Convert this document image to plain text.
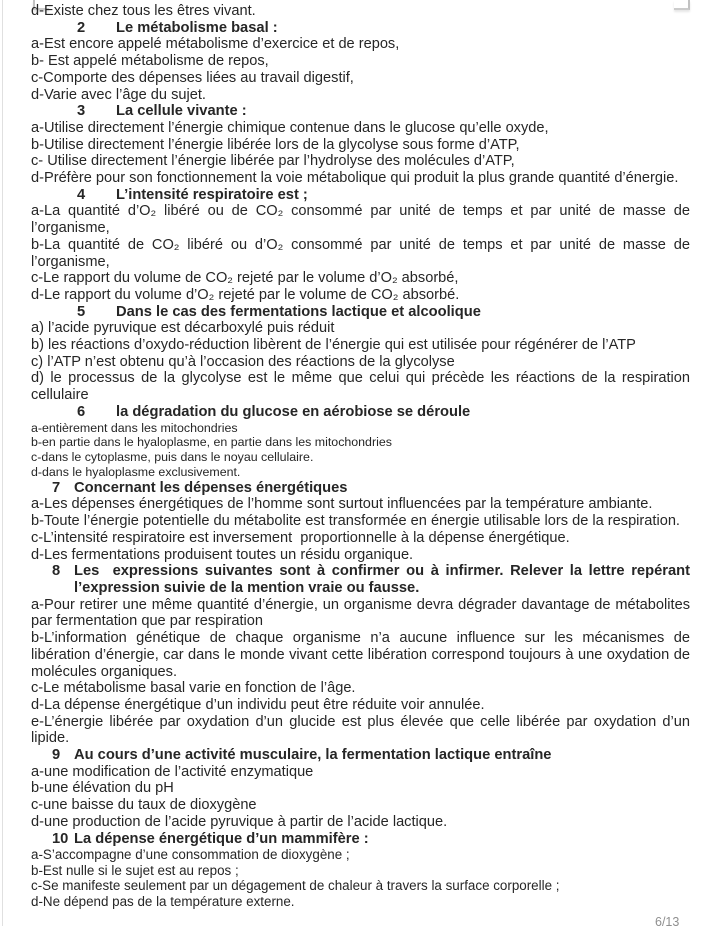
d-Existe chez tous les êtres vivant.
2 Le métabolisme basal :
a-Est encore appelé métabolisme d’exercice et de repos,
b- Est appelé métabolisme de repos,
c-Comporte des dépenses liées au travail digestif,
d-Varie avec l’âge du sujet.
3 La cellule vivante :
a-Utilise directement l’énergie chimique contenue dans le glucose qu’elle oxyde,
b-Utilise directement l’énergie libérée lors de la glycolyse sous forme d’ATP,
c- Utilise directement l’énergie libérée par l’hydrolyse des molécules d’ATP,
d-Préfère pour son fonctionnement la voie métabolique qui produit la plus grande quantité d’énergie.
4 L’intensité respiratoire est ;
a-La quantité d’O₂ libéré ou de CO₂ consommé par unité de temps et par unité de masse de l’organisme,
b-La quantité de CO₂ libéré ou d’O₂ consommé par unité de temps et par unité de masse de l’organisme,
c-Le rapport du volume de CO₂ rejeté par le volume d’O₂ absorbé,
d-Le rapport du volume d’O₂ rejeté par le volume de CO₂ absorbé.
5 Dans le cas des fermentations lactique et alcoolique
a) l’acide pyruvique est décarboxylé puis réduit
b) les réactions d’oxydo-réduction libèrent de l’énergie qui est utilisée pour régénérer de l’ATP
c) l’ATP n’est obtenu qu’à l’occasion des réactions de la glycolyse
d) le processus de la glycolyse est le même que celui qui précède les réactions de la respiration cellulaire
6 la dégradation du glucose en aérobiose se déroule
a-entièrement dans les mitochondries
b-en partie dans le hyaloplasme, en partie dans les mitochondries
c-dans le cytoplasme, puis dans le noyau cellulaire.
d-dans le hyaloplasme exclusivement.
7 Concernant les dépenses énergétiques
a-Les dépenses énergétiques de l’homme sont surtout influencées par la température ambiante.
b-Toute l’énergie potentielle du métabolite est transformée en énergie utilisable lors de la respiration.
c-L’intensité respiratoire est inversement  proportionnelle à la dépense énergétique.
d-Les fermentations produisent toutes un résidu organique.
8 Les  expressions suivantes sont à confirmer ou à infirmer. Relever la lettre repérant l’expression suivie de la mention vraie ou fausse.
a-Pour retirer une même quantité d’énergie, un organisme devra dégrader davantage de métabolites par fermentation que par respiration
b-L’information génétique de chaque organisme n’a aucune influence sur les mécanismes de libération d’énergie, car dans le monde vivant cette libération correspond toujours à une oxydation de molécules organiques.
c-Le métabolisme basal varie en fonction de l’âge.
d-La dépense énergétique d’un individu peut être réduite voir annulée.
e-L’énergie libérée par oxydation d’un glucide est plus élevée que celle libérée par oxydation d’un lipide.
9 Au cours d’une activité musculaire, la fermentation lactique entraîne
a-une modification de l’activité enzymatique
b-une élévation du pH
c-une baisse du taux de dioxygène
d-une production de l’acide pyruvique à partir de l’acide lactique.
10 La dépense énergétique d’un mammifère :
a-S’accompagne d’une consommation de dioxygène ;
b-Est nulle si le sujet est au repos ;
c-Se manifeste seulement par un dégagement de chaleur à travers la surface corporelle ;
d-Ne dépend pas de la température externe.
6/13
